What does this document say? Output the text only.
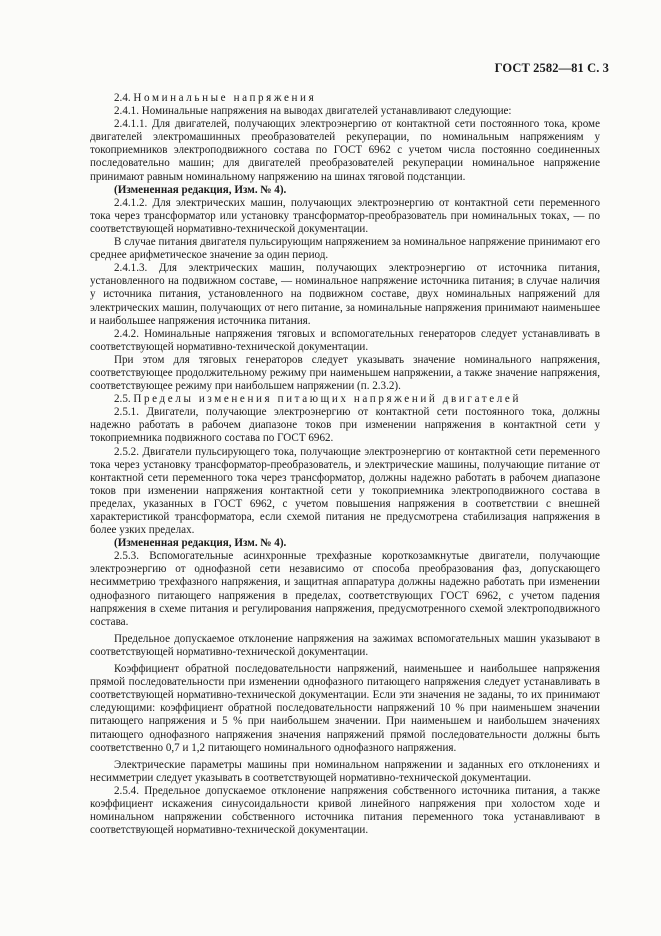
ГОСТ 2582—81 С. 3

2.4. Номинальные напряжения

2.4.1. Номинальные напряжения на выводах двигателей устанавливают следующие:

2.4.1.1. Для двигателей, получающих электроэнергию от контактной сети постоянного тока, кроме двигателей электромашинных преобразователей рекуперации, по номинальным напряжениям у токоприемников электроподвижного состава по ГОСТ 6962 с учетом числа постоянно соединенных последовательно машин; для двигателей преобразователей рекуперации номинальное напряжение принимают равным номинальному напряжению на шинах тяговой подстанции.

(Измененная редакция, Изм. № 4).

2.4.1.2. Для электрических машин, получающих электроэнергию от контактной сети переменного тока через трансформатор или установку трансформатор-преобразователь при номинальных токах, — по соответствующей нормативно-технической документации.

В случае питания двигателя пульсирующим напряжением за номинальное напряжение принимают его среднее арифметическое значение за один период.

2.4.1.3. Для электрических машин, получающих электроэнергию от источника питания, установленного на подвижном составе, — номинальное напряжение источника питания; в случае наличия у источника питания, установленного на подвижном составе, двух номинальных напряжений для электрических машин, получающих от него питание, за номинальные напряжения принимают наименьшее и наибольшее напряжения источника питания.

2.4.2. Номинальные напряжения тяговых и вспомогательных генераторов следует устанавливать в соответствующей нормативно-технической документации.

При этом для тяговых генераторов следует указывать значение номинального напряжения, соответствующее продолжительному режиму при наименьшем напряжении, а также значение напряжения, соответствующее режиму при наибольшем напряжении (п. 2.3.2).

2.5. Пределы изменения питающих напряжений двигателей

2.5.1. Двигатели, получающие электроэнергию от контактной сети постоянного тока, должны надежно работать в рабочем диапазоне токов при изменении напряжения в контактной сети у токоприемника подвижного состава по ГОСТ 6962.

2.5.2. Двигатели пульсирующего тока, получающие электроэнергию от контактной сети переменного тока через установку трансформатор-преобразователь, и электрические машины, получающие питание от контактной сети переменного тока через трансформатор, должны надежно работать в рабочем диапазоне токов при изменении напряжения контактной сети у токоприемника электроподвижного состава в пределах, указанных в ГОСТ 6962, с учетом повышения напряжения в соответствии с внешней характеристикой трансформатора, если схемой питания не предусмотрена стабилизация напряжения в более узких пределах.

(Измененная редакция, Изм. № 4).

2.5.3. Вспомогательные асинхронные трехфазные короткозамкнутые двигатели, получающие электроэнергию от однофазной сети независимо от способа преобразования фаз, допускающего несимметрию трехфазного напряжения, и защитная аппаратура должны надежно работать при изменении однофазного питающего напряжения в пределах, соответствующих ГОСТ 6962, с учетом падения напряжения в схеме питания и регулирования напряжения, предусмотренного схемой электроподвижного состава.

Предельное допускаемое отклонение напряжения на зажимах вспомогательных машин указывают в соответствующей нормативно-технической документации.

Коэффициент обратной последовательности напряжений, наименьшее и наибольшее напряжения прямой последовательности при изменении однофазного питающего напряжения следует устанавливать в соответствующей нормативно-технической документации. Если эти значения не заданы, то их принимают следующими: коэффициент обратной последовательности напряжений 10 % при наименьшем значении питающего напряжения и 5 % при наибольшем значении. При наименьшем и наибольшем значениях питающего однофазного напряжения значения напряжений прямой последовательности должны быть соответственно 0,7 и 1,2 питающего номинального однофазного напряжения.

Электрические параметры машины при номинальном напряжении и заданных его отклонениях и несимметрии следует указывать в соответствующей нормативно-технической документации.

2.5.4. Предельное допускаемое отклонение напряжения собственного источника питания, а также коэффициент искажения синусоидальности кривой линейного напряжения при холостом ходе и номинальном напряжении собственного источника питания переменного тока устанавливают в соответствующей нормативно-технической документации.
